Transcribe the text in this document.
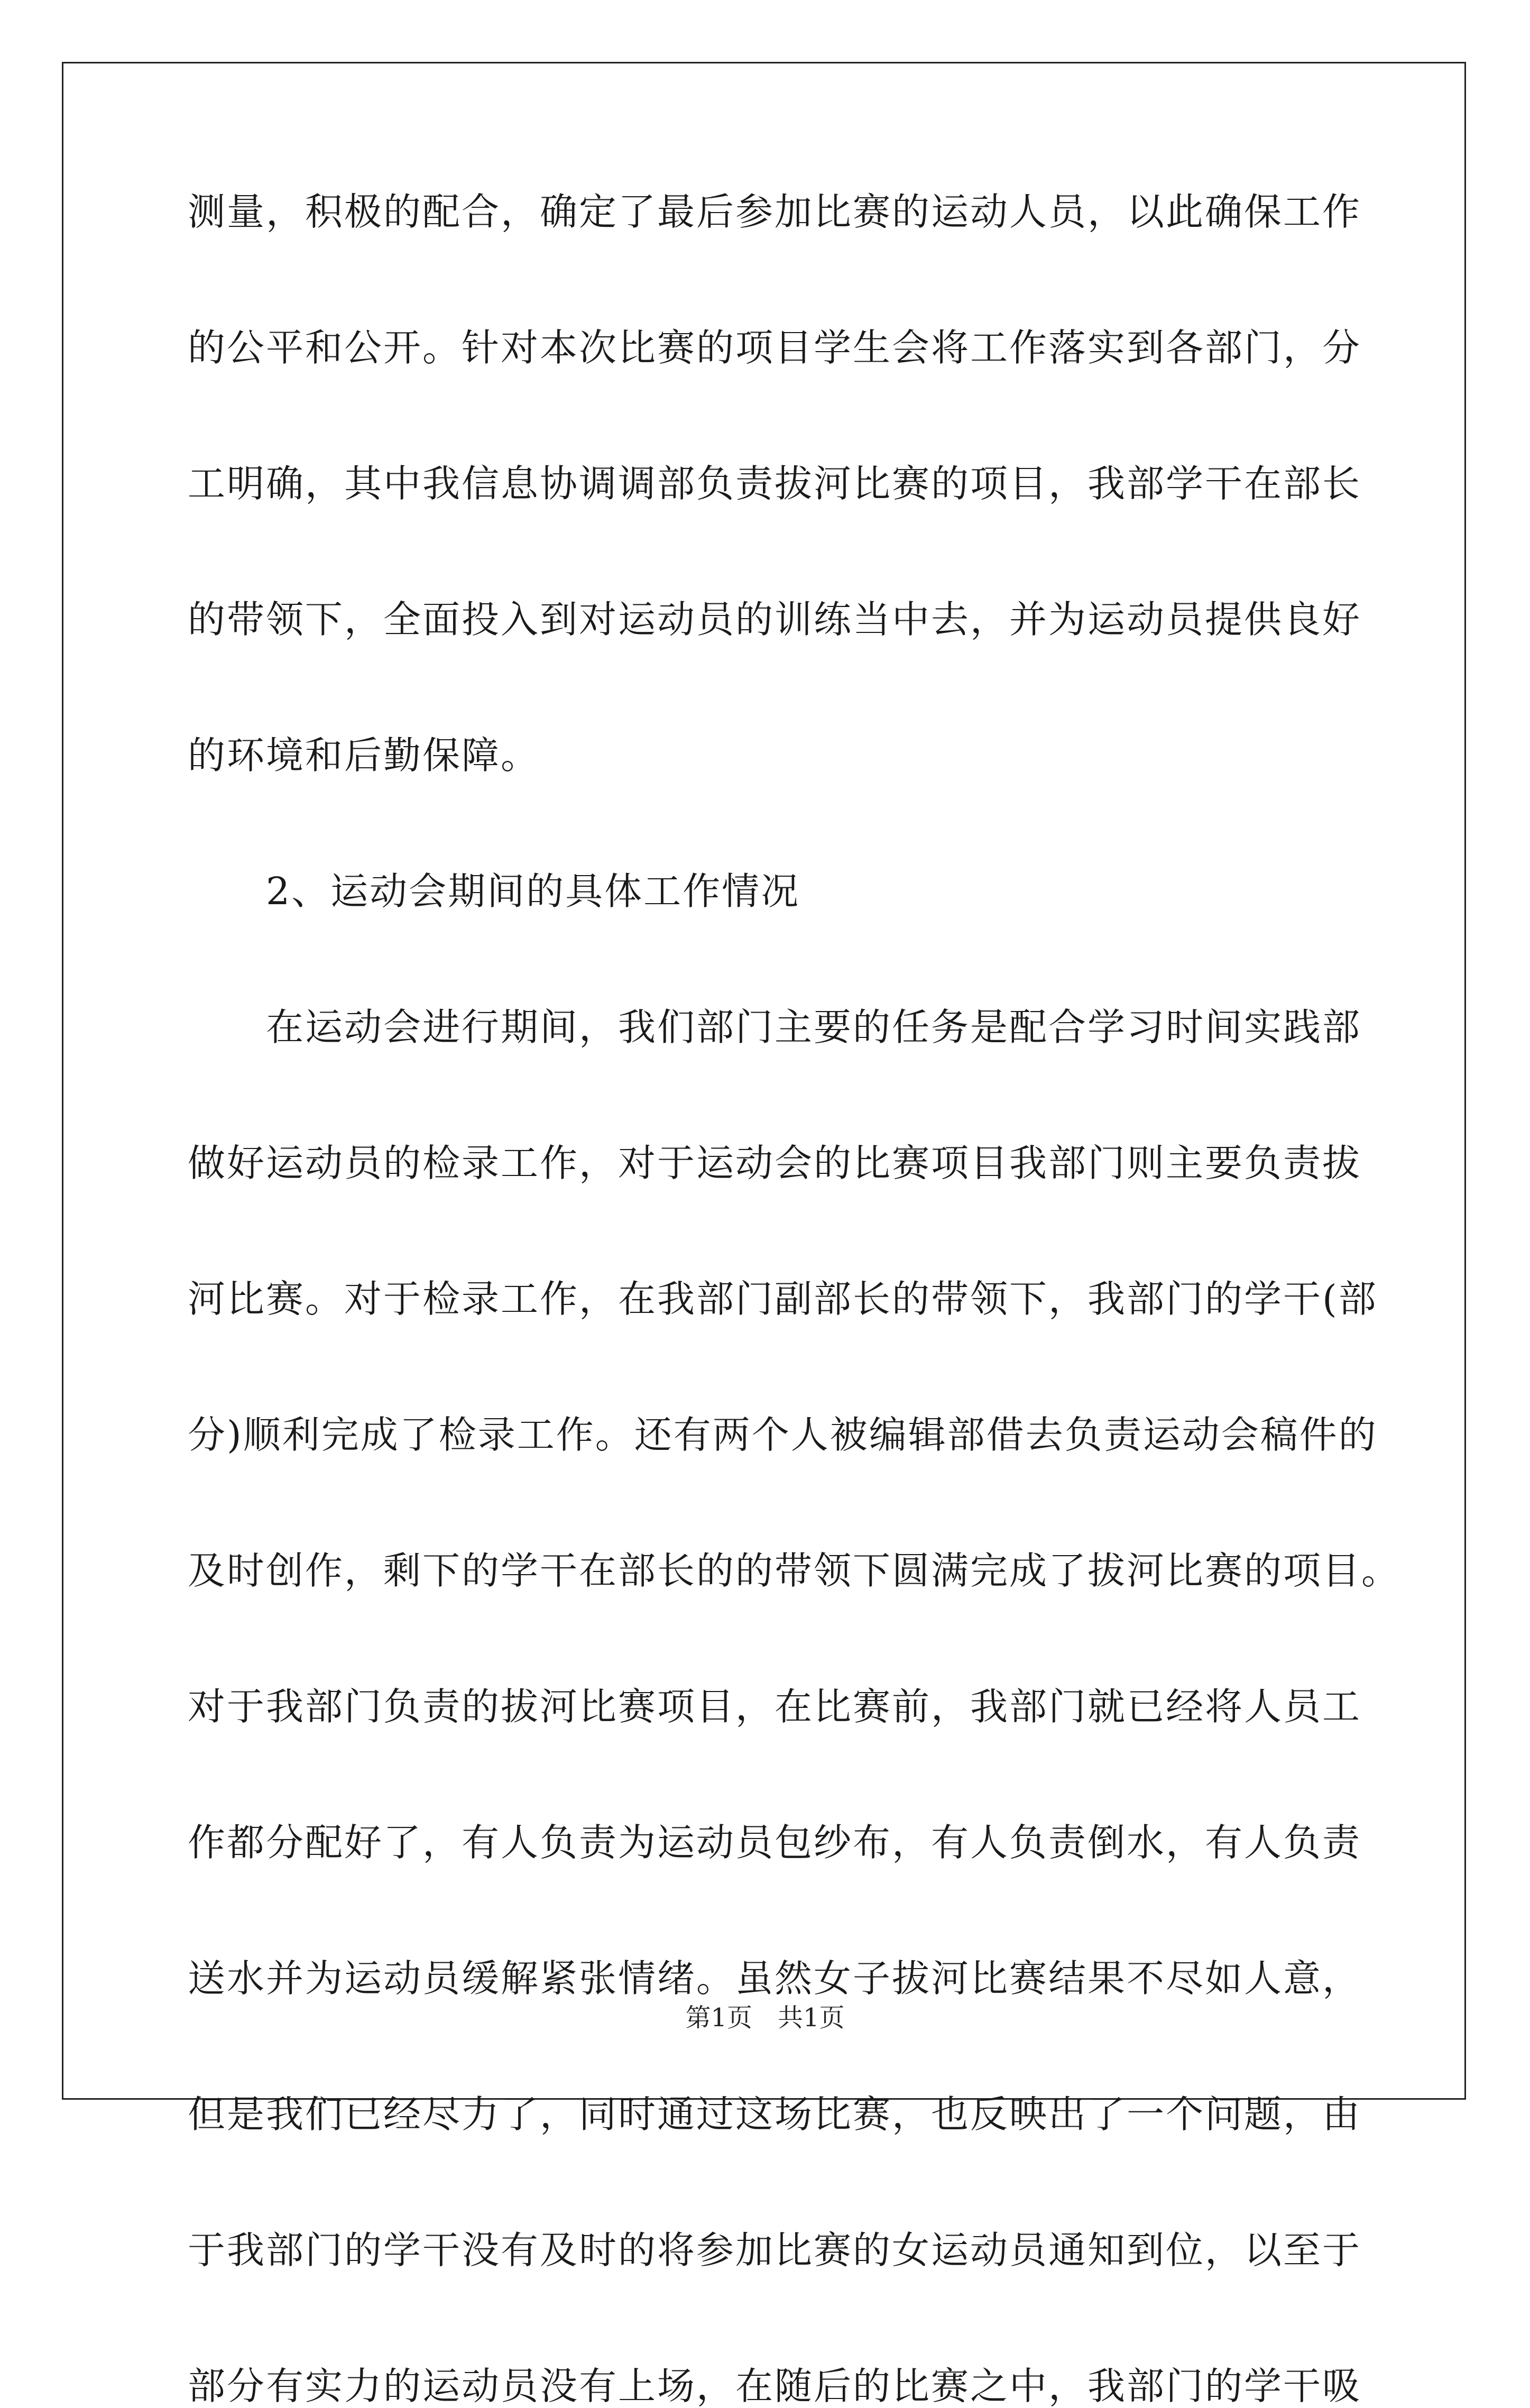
测量，积极的配合，确定了最后参加比赛的运动人员，以此确保工作
的公平和公开。针对本次比赛的项目学生会将工作落实到各部门，分
工明确，其中我信息协调调部负责拔河比赛的项目，我部学干在部长
的带领下，全面投入到对运动员的训练当中去，并为运动员提供良好
的环境和后勤保障。
　　2、运动会期间的具体工作情况
　　在运动会进行期间，我们部门主要的任务是配合学习时间实践部
做好运动员的检录工作，对于运动会的比赛项目我部门则主要负责拔
河比赛。对于检录工作，在我部门副部长的带领下，我部门的学干(部
分)顺利完成了检录工作。还有两个人被编辑部借去负责运动会稿件的
及时创作，剩下的学干在部长的的带领下圆满完成了拔河比赛的项目。
对于我部门负责的拔河比赛项目，在比赛前，我部门就已经将人员工
作都分配好了，有人负责为运动员包纱布，有人负责倒水，有人负责
送水并为运动员缓解紧张情绪。虽然女子拔河比赛结果不尽如人意，
但是我们已经尽力了，同时通过这场比赛，也反映出了一个问题，由
于我部门的学干没有及时的将参加比赛的女运动员通知到位，以至于
部分有实力的运动员没有上场，在随后的比赛之中，我部门的学干吸
第1页　共1页
